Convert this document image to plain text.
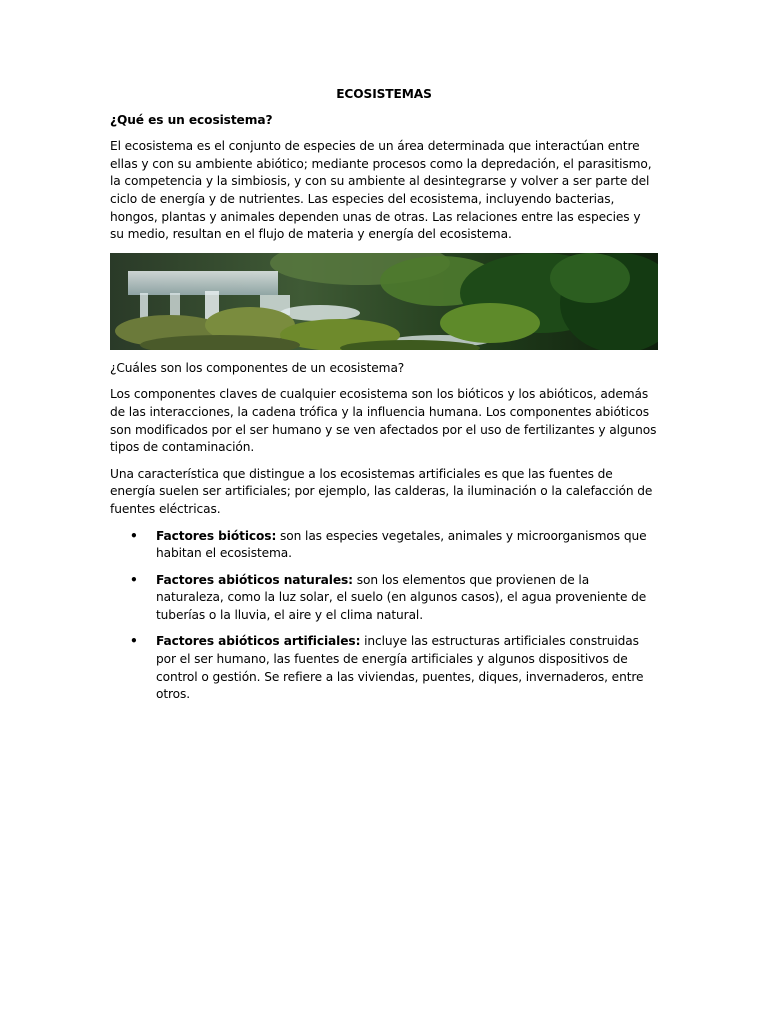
ECOSISTEMAS
¿Qué es un ecosistema?

El ecosistema es el conjunto de especies de un área determinada que interactúan entre ellas y con su ambiente abiótico; mediante procesos como la depredación, el parasitismo, la competencia y la simbiosis, y con su ambiente al desintegrarse y volver a ser parte del ciclo de energía y de nutrientes. Las especies del ecosistema, incluyendo bacterias, hongos, plantas y animales dependen unas de otras. Las relaciones entre las especies y su medio, resultan en el flujo de materia y energía del ecosistema.

¿Cuáles son los componentes de un ecosistema?

Los componentes claves de cualquier ecosistema son los bióticos y los abióticos, además de las interacciones, la cadena trófica y la influencia humana. Los componentes abióticos son modificados por el ser humano y se ven afectados por el uso de fertilizantes y algunos tipos de contaminación.

Una característica que distingue a los ecosistemas artificiales es que las fuentes de energía suelen ser artificiales; por ejemplo, las calderas, la iluminación o la calefacción de fuentes eléctricas.

• Factores bióticos: son las especies vegetales, animales y microorganismos que habitan el ecosistema.
• Factores abióticos naturales: son los elementos que provienen de la naturaleza, como la luz solar, el suelo (en algunos casos), el agua proveniente de tuberías o la lluvia, el aire y el clima natural.
• Factores abióticos artificiales: incluye las estructuras artificiales construidas por el ser humano, las fuentes de energía artificiales y algunos dispositivos de control o gestión. Se refiere a las viviendas, puentes, diques, invernaderos, entre otros.
